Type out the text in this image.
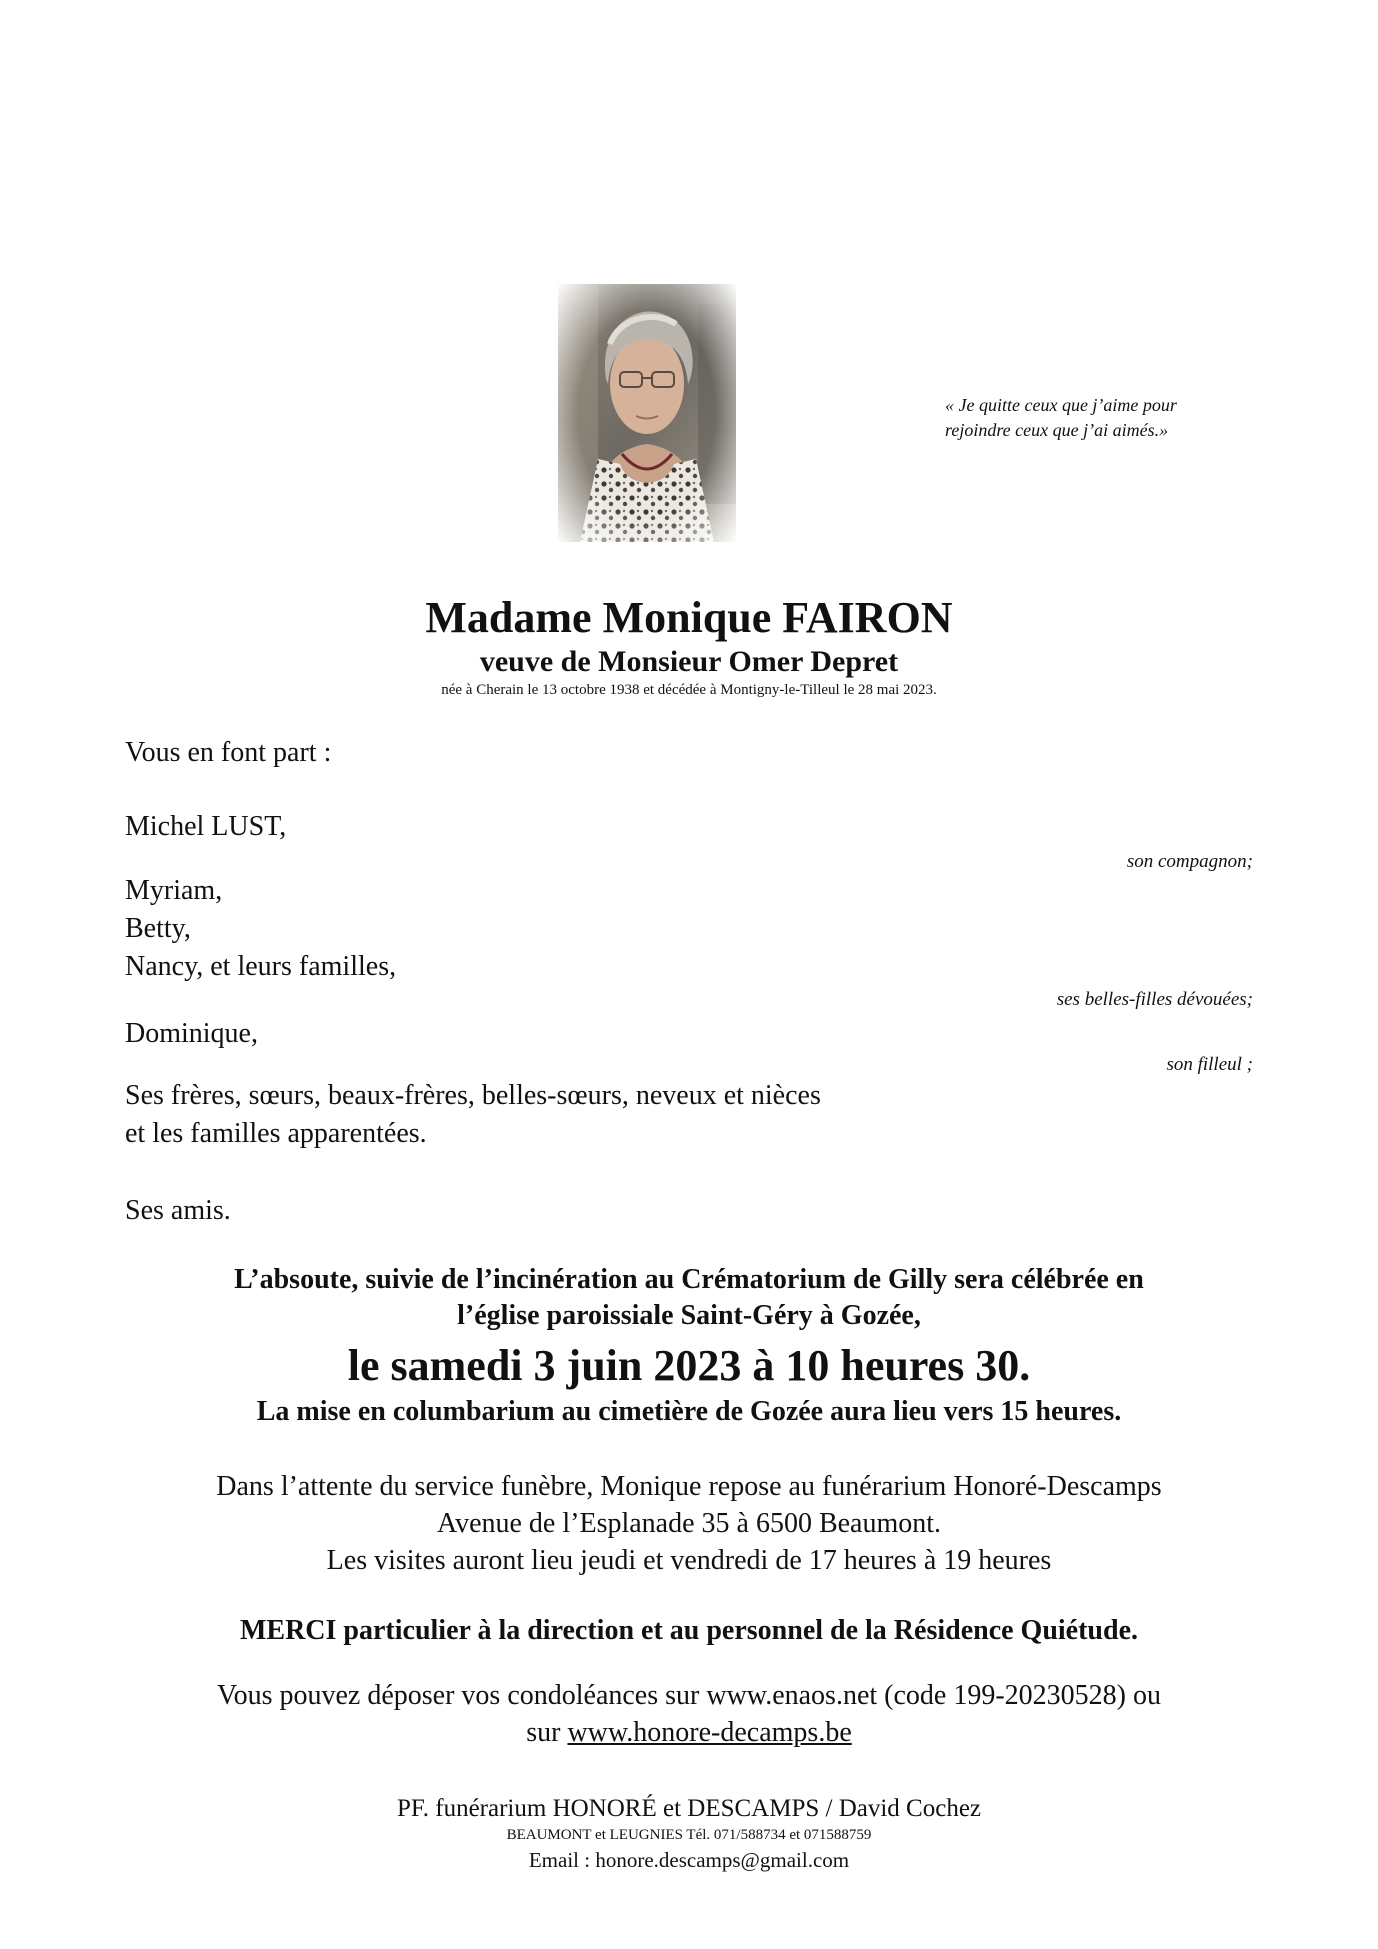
« Je quitte ceux que j’aime pour
rejoindre ceux que j’ai aimés.»
Madame Monique FAIRON
veuve de Monsieur Omer Depret
née à Cherain le 13 octobre 1938 et décédée à Montigny-le-Tilleul le 28 mai 2023.
Vous en font part :
Michel LUST,
son compagnon;
Myriam,
Betty,
Nancy, et leurs familles,
ses belles-filles dévouées;
Dominique,
son filleul ;
Ses frères, sœurs, beaux-frères, belles-sœurs, neveux et nièces
et les familles apparentées.
Ses amis.
L’absoute, suivie de l’incinération au Crématorium de Gilly sera célébrée en
l’église paroissiale Saint-Géry à Gozée,
le samedi 3 juin 2023 à 10 heures 30.
La mise en columbarium au cimetière de Gozée aura lieu vers 15 heures.
Dans l’attente du service funèbre, Monique repose au funérarium Honoré-Descamps
Avenue de l’Esplanade 35 à 6500 Beaumont.
Les visites auront lieu jeudi et vendredi de 17 heures à 19 heures
MERCI particulier à la direction et au personnel de la Résidence Quiétude.
Vous pouvez déposer vos condoléances sur www.enaos.net (code 199-20230528) ou
sur www.honore-decamps.be
PF. funérarium HONORÉ et DESCAMPS / David Cochez
BEAUMONT et LEUGNIES Tél. 071/588734 et 071588759
Email : honore.descamps@gmail.com
